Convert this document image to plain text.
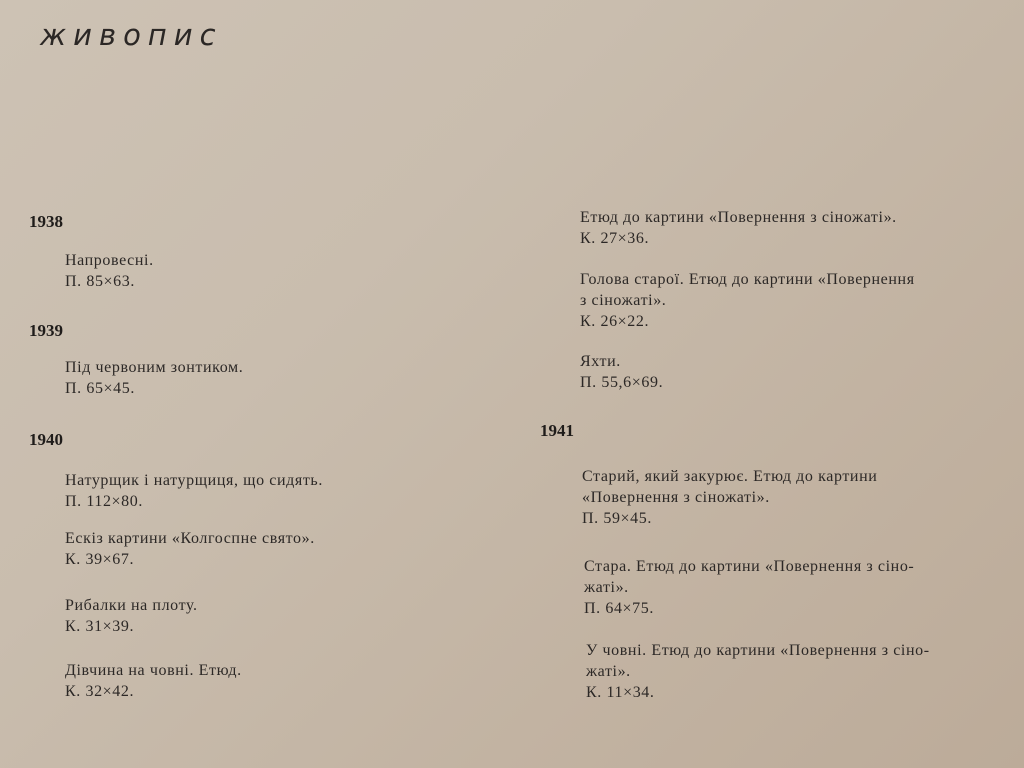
живопис
1938
Напровесні.
П. 85×63.
1939
Під червоним зонтиком.
П. 65×45.
1940
Натурщик і натурщиця, що сидять.
П. 112×80.
Ескіз картини «Колгоспне свято».
К. 39×67.
Рибалки на плоту.
К. 31×39.
Дівчина на човні. Етюд.
К. 32×42.
Етюд до картини «Повернення з сіножаті».
К. 27×36.
Голова старої. Етюд до картини «Повернення
з сіножаті».
К. 26×22.
Яхти.
П. 55,6×69.
1941
Старий, який закурює. Етюд до картини
«Повернення з сіножаті».
П. 59×45.
Стара. Етюд до картини «Повернення з сіно-
жаті».
П. 64×75.
У човні. Етюд до картини «Повернення з сіно-
жаті».
К. 11×34.
